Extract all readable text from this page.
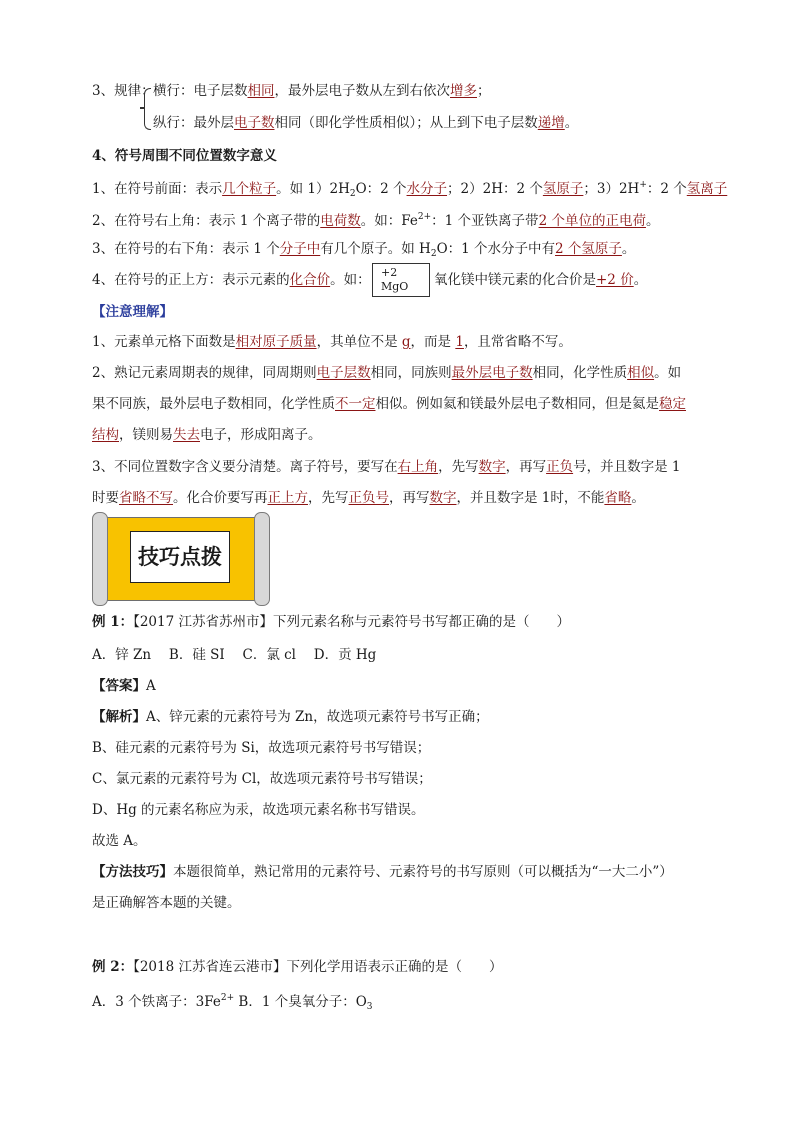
3、规律：
横行：电子层数相同，最外层电子数从左到右依次增多；
纵行：最外层电子数相同（即化学性质相似）；从上到下电子层数递增。
4、符号周围不同位置数字意义
1、在符号前面：表示几个粒子。如 $1)2H_2O$：2 个水分子；2）2H：2 个氢原子；3）2H+：2 个氢离子
2、在符号右上角：表示 1 个离子带的电荷数。如：$Fe^{2+}$：1 个亚铁离子带2 个单位的正电荷。
3、在符号的右下角：表示 1 个分子中有几个原子。如 $H_2O$：1 个水分子中有2 个氢原子。
4、在符号的正上方：表示元素的化合价。如： +2
MgO	氧化镁中镁元素的化合价是+2 价。
【注意理解】
1、元素单元格下面数是相对原子质量，其单位不是 g，而是 1，且常省略不写。
2、熟记元素周期表的规律，同周期则电子层数相同，同族则最外层电子数相同，化学性质相似。如
果不同族，最外层电子数相同，化学性质不一定相似。例如氦和镁最外层电子数相同，但是氦是稳定
结构，镁则易失去电子，形成阳离子。
3、不同位置数字含义要分清楚。离子符号，要写在右上角，先写数字，再写正负号，并且数字是 1
时要省略不写。化合价要写再正上方，先写正负号，再写数字，并且数字是 1时，不能省略。
技巧点拨
例 1：【2017 江苏省苏州市】下列元素名称与元素符号书写都正确的是（　　）
A．锌 Zn　 B．硅 SI　 C．氯 cl　 D．贡 Hg
【答案】A
【解析】A、锌元素的元素符号为 Zn，故选项元素符号书写正确；
B、硅元素的元素符号为 Si，故选项元素符号书写错误；
C、氯元素的元素符号为 Cl，故选项元素符号书写错误；
D、Hg 的元素名称应为汞，故选项元素名称书写错误。
故选 A。
【方法技巧】本题很简单，熟记常用的元素符号、元素符号的书写原则（可以概括为“一大二小”）
是正确解答本题的关键。
例 2：【2018 江苏省连云港市】下列化学用语表示正确的是（　　）
A．3 个铁离子：$3Fe^{2+}$ B．1 个臭氧分子：$O_3$
